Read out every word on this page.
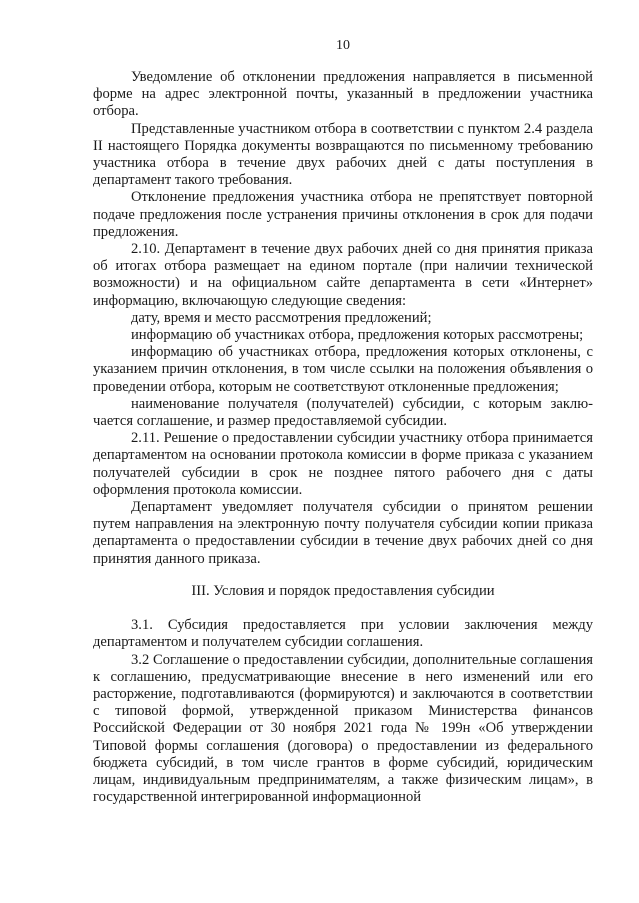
10

Уведомление об отклонении предложения направляется в письменной форме на адрес электронной почты, указанный в предложении участника отбора.

Представленные участником отбора в соответствии с пунктом 2.4 раздела II настоящего Порядка документы возвращаются по письменному требованию участника отбора в течение двух рабочих дней с даты поступления в департамент такого требования.

Отклонение предложения участника отбора не препятствует повторной подаче предложения после устранения причины отклонения в срок для подачи предложения.

2.10. Департамент в течение двух рабочих дней со дня принятия приказа об итогах отбора размещает на едином портале (при наличии технической возможности) и на официальном сайте департамента в сети «Интернет» информацию, включающую следующие сведения:

дату, время и место рассмотрения предложений;

информацию об участниках отбора, предложения которых рассмотрены;

информацию об участниках отбора, предложения которых отклонены, с указанием причин отклонения, в том числе ссылки на положения объявления о проведении отбора, которым не соответствуют отклоненные предложения;

наименование получателя (получателей) субсидии, с которым заключается соглашение, и размер предоставляемой субсидии.

2.11. Решение о предоставлении субсидии участнику отбора принимается департаментом на основании протокола комиссии в форме приказа с указанием получателей субсидии в срок не позднее пятого рабочего дня с даты оформления протокола комиссии.

Департамент уведомляет получателя субсидии о принятом решении путем направления на электронную почту получателя субсидии копии приказа департамента о предоставлении субсидии в течение двух рабочих дней со дня принятия данного приказа.

III. Условия и порядок предоставления субсидии

3.1. Субсидия предоставляется при условии заключения между департаментом и получателем субсидии соглашения.

3.2 Соглашение о предоставлении субсидии, дополнительные соглашения к соглашению, предусматривающие внесение в него изменений или его расторжение, подготавливаются (формируются) и заключаются в соответствии с типовой формой, утвержденной приказом Министерства финансов Российской Федерации от 30 ноября 2021 года № 199н «Об утверждении Типовой формы соглашения (договора) о предоставлении из федерального бюджета субсидий, в том числе грантов в форме субсидий, юридическим лицам, индивидуальным предпринимателям, а также физическим лицам», в государственной интегрированной информационной
